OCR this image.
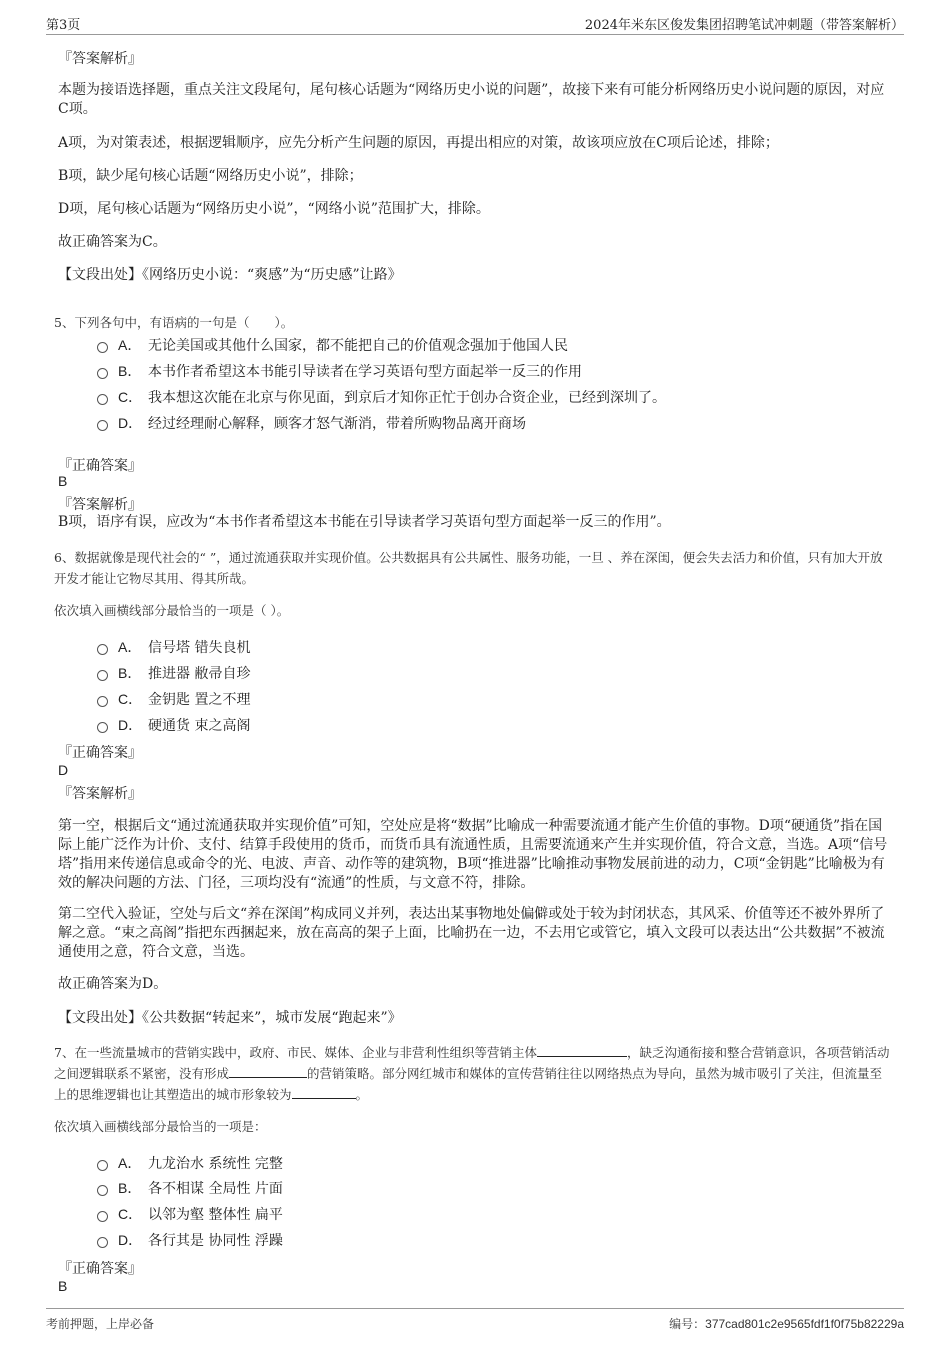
第3页	2024年米东区俊发集团招聘笔试冲刺题（带答案解析）
『答案解析』
本题为接语选择题，重点关注文段尾句，尾句核心话题为“网络历史小说的问题”，故接下来有可能分析网络历史小说问题的原因，对应C项。
A项，为对策表述，根据逻辑顺序，应先分析产生问题的原因，再提出相应的对策，故该项应放在C项后论述，排除；
B项，缺少尾句核心话题“网络历史小说”，排除；
D项，尾句核心话题为“网络历史小说”，“网络小说”范围扩大，排除。
故正确答案为C。
【文段出处】《网络历史小说：“爽感”为“历史感”让路》
5、下列各句中，有语病的一句是（　　）。
A． 无论美国或其他什么国家，都不能把自己的价值观念强加于他国人民
B． 本书作者希望这本书能引导读者在学习英语句型方面起举一反三的作用
C． 我本想这次能在北京与你见面，到京后才知你正忙于创办合资企业，已经到深圳了。
D． 经过经理耐心解释，顾客才怒气渐消，带着所购物品离开商场
『正确答案』
B
『答案解析』
B项，语序有误，应改为“本书作者希望这本书能在引导读者学习英语句型方面起举一反三的作用”。
6、数据就像是现代社会的“ ”，通过流通获取并实现价值。公共数据具有公共属性、服务功能，一旦 、养在深闺，便会失去活力和价值，只有加大开放开发才能让它物尽其用、得其所哉。
依次填入画横线部分最恰当的一项是（ ）。
A． 信号塔 错失良机
B． 推进器 敝帚自珍
C． 金钥匙 置之不理
D． 硬通货 束之高阁
『正确答案』
D
『答案解析』
第一空，根据后文“通过流通获取并实现价值”可知，空处应是将“数据”比喻成一种需要流通才能产生价值的事物。D项“硬通货”指在国际上能广泛作为计价、支付、结算手段使用的货币，而货币具有流通性质，且需要流通来产生并实现价值，符合文意，当选。A项“信号塔”指用来传递信息或命令的光、电波、声音、动作等的建筑物，B项“推进器”比喻推动事物发展前进的动力，C项“金钥匙”比喻极为有效的解决问题的方法、门径，三项均没有“流通”的性质，与文意不符，排除。
第二空代入验证，空处与后文“养在深闺”构成同义并列，表达出某事物地处偏僻或处于较为封闭状态，其风采、价值等还不被外界所了解之意。“束之高阁”指把东西捆起来，放在高高的架子上面，比喻扔在一边，不去用它或管它，填入文段可以表达出“公共数据”不被流通使用之意，符合文意，当选。
故正确答案为D。
【文段出处】《公共数据“转起来”，城市发展“跑起来”》
7、在一些流量城市的营销实践中，政府、市民、媒体、企业与非营利性组织等营销主体	，缺乏沟通衔接和整合营销意识，各项营销活动之间逻辑联系不紧密，没有形成	的营销策略。部分网红城市和媒体的宣传营销往往以网络热点为导向，虽然为城市吸引了关注，但流量至上的思维逻辑也让其塑造出的城市形象较为	。
依次填入画横线部分最恰当的一项是：
A． 九龙治水 系统性 完整
B． 各不相谋 全局性 片面
C． 以邻为壑 整体性 扁平
D． 各行其是 协同性 浮躁
『正确答案』
B
考前押题，上岸必备	编号：377cad801c2e9565fdf1f0f75b82229a
